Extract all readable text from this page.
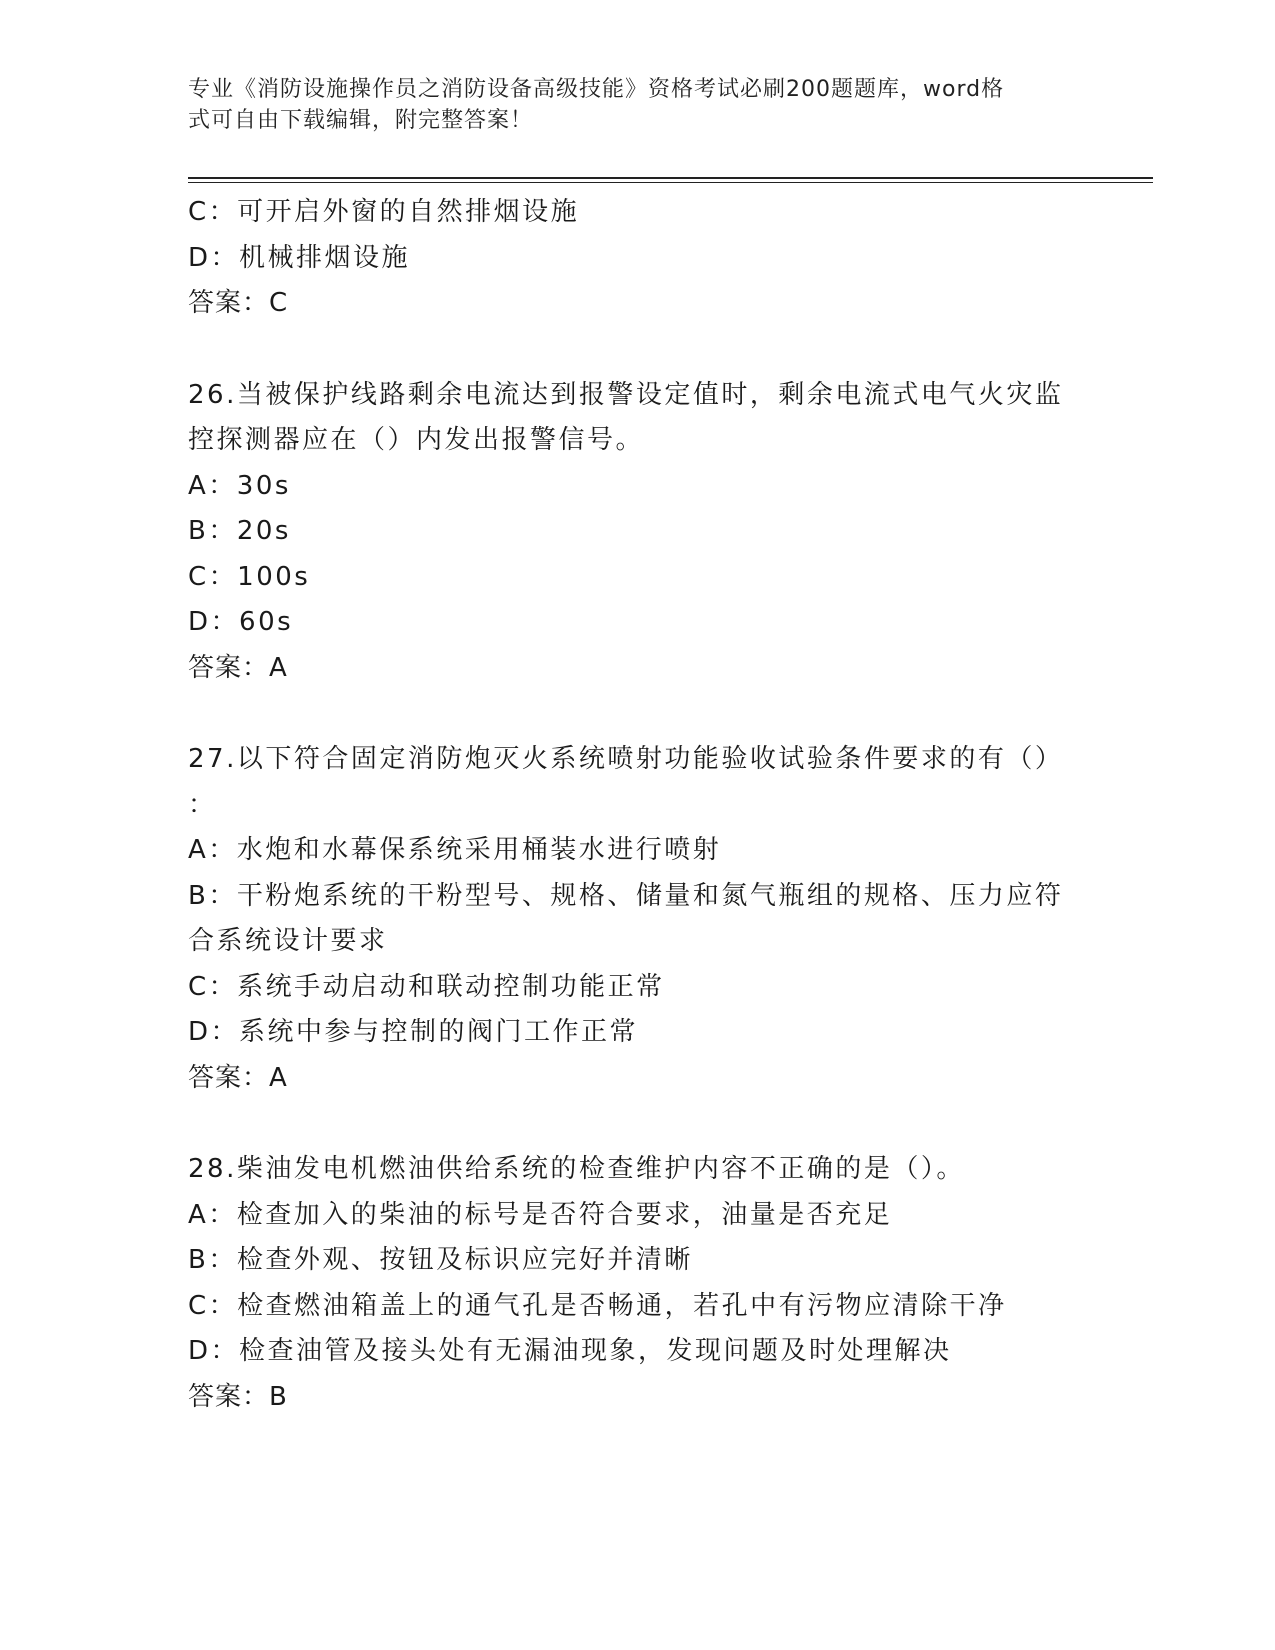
专业《消防设施操作员之消防设备高级技能》资格考试必刷200题题库，word格
式可自由下载编辑，附完整答案！
C：可开启外窗的自然排烟设施
D：机械排烟设施
答案：C
26.当被保护线路剩余电流达到报警设定值时，剩余电流式电气火灾监
控探测器应在（）内发出报警信号。
A：30s
B：20s
C：100s
D：60s
答案：A
27.以下符合固定消防炮灭火系统喷射功能验收试验条件要求的有（）
：
A：水炮和水幕保系统采用桶装水进行喷射
B：干粉炮系统的干粉型号、规格、储量和氮气瓶组的规格、压力应符
合系统设计要求
C：系统手动启动和联动控制功能正常
D：系统中参与控制的阀门工作正常
答案：A
28.柴油发电机燃油供给系统的检查维护内容不正确的是（）。
A：检查加入的柴油的标号是否符合要求，油量是否充足
B：检查外观、按钮及标识应完好并清晰
C：检查燃油箱盖上的通气孔是否畅通，若孔中有污物应清除干净
D：检查油管及接头处有无漏油现象，发现问题及时处理解决
答案：B
